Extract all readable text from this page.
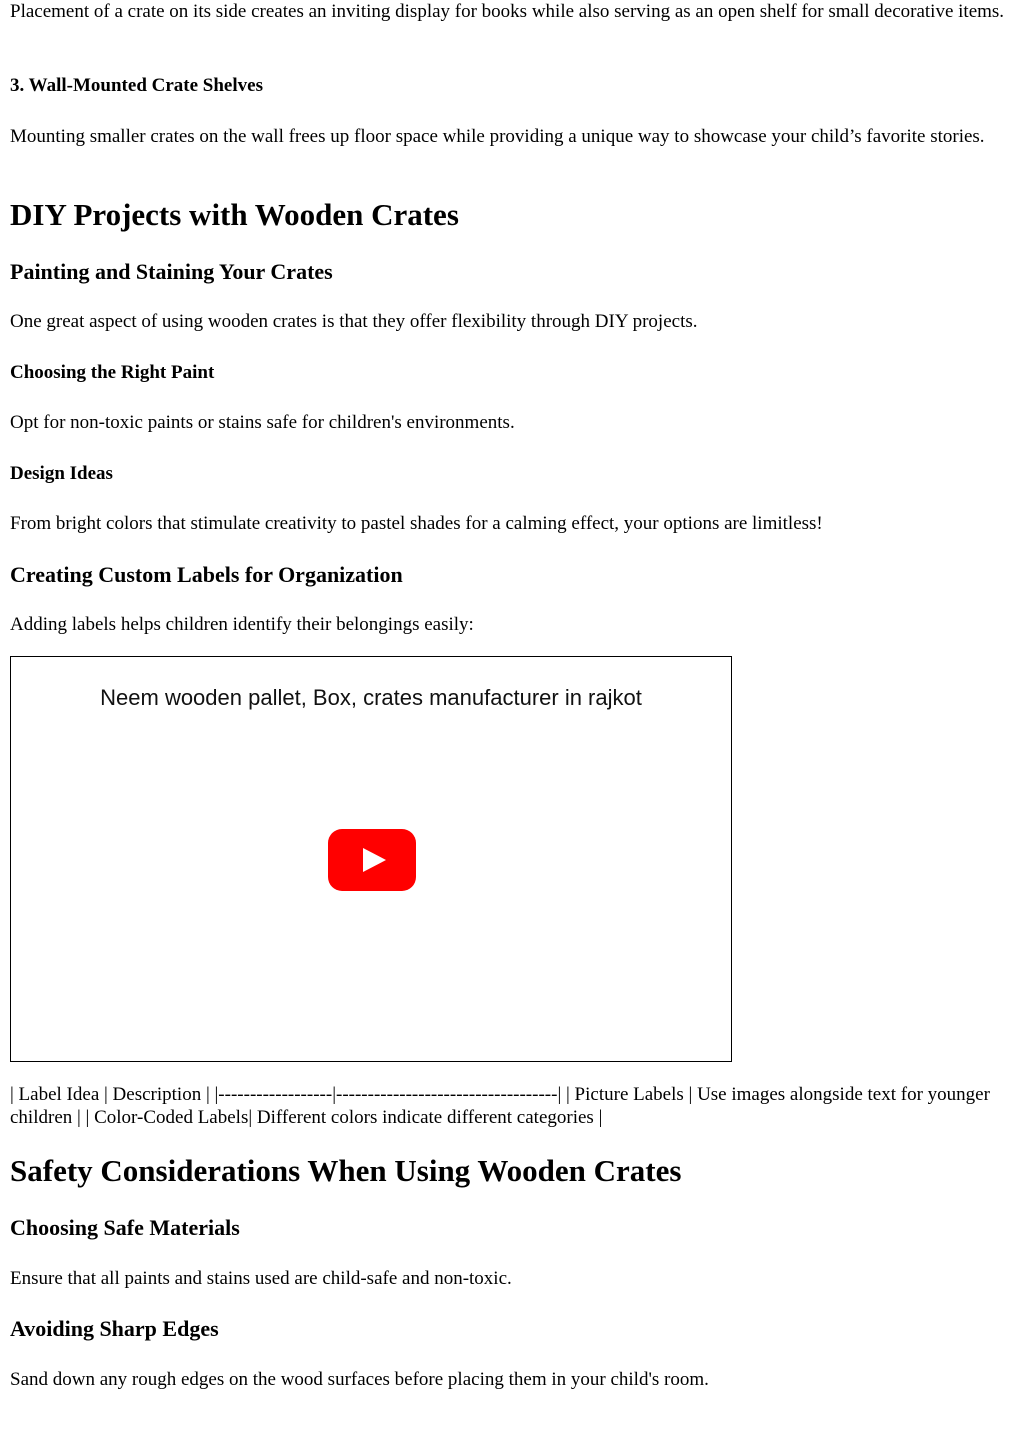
Placement of a crate on its side creates an inviting display for books while also serving as an open shelf for small decorative items.

3. Wall-Mounted Crate Shelves

Mounting smaller crates on the wall frees up floor space while providing a unique way to showcase your child’s favorite stories.

DIY Projects with Wooden Crates
Painting and Staining Your Crates

One great aspect of using wooden crates is that they offer flexibility through DIY projects.

Choosing the Right Paint

Opt for non-toxic paints or stains safe for children's environments.

Design Ideas

From bright colors that stimulate creativity to pastel shades for a calming effect, your options are limitless!

Creating Custom Labels for Organization

Adding labels helps children identify their belongings easily:

Neem wooden pallet, Box, crates manufacturer in rajkot

| Label Idea | Description | |------------------|-----------------------------------| | Picture Labels | Use images alongside text for younger children | | Color-Coded Labels| Different colors indicate different categories |

Safety Considerations When Using Wooden Crates
Choosing Safe Materials

Ensure that all paints and stains used are child-safe and non-toxic.

Avoiding Sharp Edges

Sand down any rough edges on the wood surfaces before placing them in your child's room.
